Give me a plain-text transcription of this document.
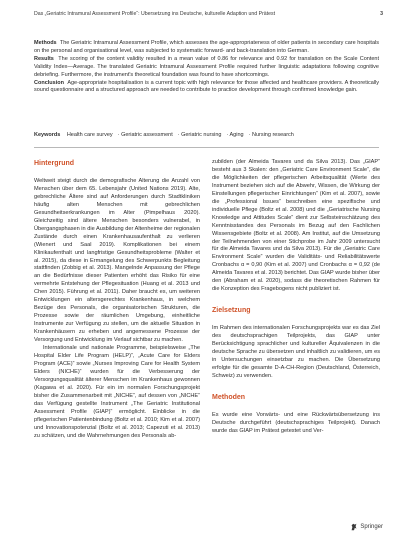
Das „Geriatric Intramural Assessment Profile“: Übersetzung ins Deutsche, kulturelle Adaption und Prätest	3

Methods The Geriatric Intramural Assessment Profile, which assesses the age-appropriateness of older patients in secondary care hospitals on the personal and organisational level, was subjected to systematic forward- and back-translation into German.

Results The scoring of the content validity resulted in a mean value of 0.86 for relevance and 0.92 for translation on the Scale Content Validity Index—Average. The translated Geriatric Intramural Assessment Profile required further linguistic adaptations following cognitive debriefing. Furthermore, the instrument's theoretical foundation was found to have shortcomings.

Conclusion Age-appropriate hospitalisation is a current topic with high relevance for those affected and healthcare providers. A theoretically sound questionnaire and a structured approach are needed to contribute to practice development through confirmed knowledge gain.

Keywords Health care survey · Geriatric assessment · Geriatric nursing · Aging · Nursing research
Hintergrund

Weltweit steigt durch die demografische Alterung die Anzahl von Menschen über dem 65. Lebensjahr (United Nations 2019). Alte, gebrechliche Ältere sind auf Anforderungen durch Stadtkliniken häufig alten Menschen mit gebrechlichen Gesundheitserkrankungen im Alter (Pimpelhaus 2020). Gleichzeitig sind ältere Menschen besonders vulnerabel, in Übergangsphasen in die Ausbildung der Altenheime der regionalen Zustände durch einen Krankenhausaufenthalt zu verlieren (Wienert und Saal 2019). Komplikationen bei einem Klinikaufenthalt und langfristige Gesundheitsprobleme (Walter et al. 2015), da diese in Ermangelung des Schwerpunkts Begleitung stattfinden (Zobbig et al. 2013). Mangelnde Anpassung der Pflege an die Bedürfnisse dieser Patienten erhöht das Risiko für eine vermehrte Entstehung der Pflegesituation (Huang et al. 2013 und Chen 2015). Führung et al. 2011). Daher braucht es, um weiteren Entwicklungen ein altersgerechtes Krankenhaus, in welchem Bezüge des Personals, die organisatorischen Strukturen, die Prozesse sowie der räumlichen Umgebung, einheitliche Instrumente zur Verfügung zu stellen, um die aktuelle Situation in Krankenhäusern zu erheben und angemessene Prozesse der Versorgung und Entwicklung im Verlauf sichtbar zu machen.

Internationale und nationale Programme, beispielsweise „The Hospital Elder Life Program (HELP)“, „Acute Care for Elders Program (ACE)“ sowie „Nurses Improving Care for Health System Elders (NICHE)“ wurden für die Verbesserung der Versorgungsqualität älterer Menschen im Krankenhaus gewonnen (Kagawa et al. 2020). Für ein im normalen Forschungsprojekt bisher die Zusammenarbeit mit „NICHE“, auf dessen von „NICHE“ das Verfügung gestellte Instrument „The Geriatric Institutional Assessment Profile (GIAP)“ ermöglicht. Einblicke in die pflegerischen Patientenbindung (Boltz et al. 2010; Kim et al. 2007) und Innovationspotenzial (Boltz et al. 2013; Capezuti et al. 2013) zu schätzen, und die Wahrnehmungen des Personals ab-

zubilden (der Almeida Tavares und da Silva 2013). Das „GIAP“ besteht aus 3 Skalen: den „Geriatric Care Environment Scale“, die die Möglichkeiten der pflegerischen Arbeitsqualität (Werte des Instrument beziehen sich auf die Abwehr, Wissen, die Wirkung der Einstellungen pflegerischer Einrichtungen“ (Kim et al. 2007), sowie die „Professional Issues“ beschreiben eine spezifische und individuelle Pflege (Boltz et al. 2008) und die „Geriatrische Nursing Knowledge and Attitudes Scale“ dient zur Selbsteinschätzung des Kenntnisstandes des Personals im Bezug auf den Fachlichen Wissensgebiete (Boltz et al. 2008). Am Institut, auf die Umsetzung der Teilnehmenden von einer Stichprobe im Jahr 2009 untersucht für die Almeida Tavares und da Silva 2013). Für die „Geriatric Care Environment Scale“ wurden die Validitäts- und Reliabilitätswerte Cronbachs α = 0,90 (Kim et al. 2007) und Cronbachs α = 0,92 (de Almeida Tavares et al. 2013) berichtet. Das GIAP wurde bisher über den (Abraham et al. 2020), sodass die theoretischen Rahmen für die Konzeption des Fragebogens nicht publiziert ist.

Zielsetzung

Im Rahmen des internationalen Forschungsprojekts war es das Ziel des deutschsprachigen Teilprojekts, das GIAP unter Berücksichtigung sprachlicher und kultureller Äquivalenzen in die deutsche Sprache zu übersetzen und inhaltlich zu validieren, um es in Untersuchungen einsetzbar zu machen. Die Übersetzung erfolgte für die gesamte D-A-CH-Region (Deutschland, Österreich, Schweiz) zu verwenden.

Methoden

Es wurde eine Vorwärts- und eine Rückwärtsübersetzung ins Deutsche durchgeführt (deutschsprachiges Teilprojekt). Danach wurde das GIAP im Prätest getestet und Ver-

Springer
